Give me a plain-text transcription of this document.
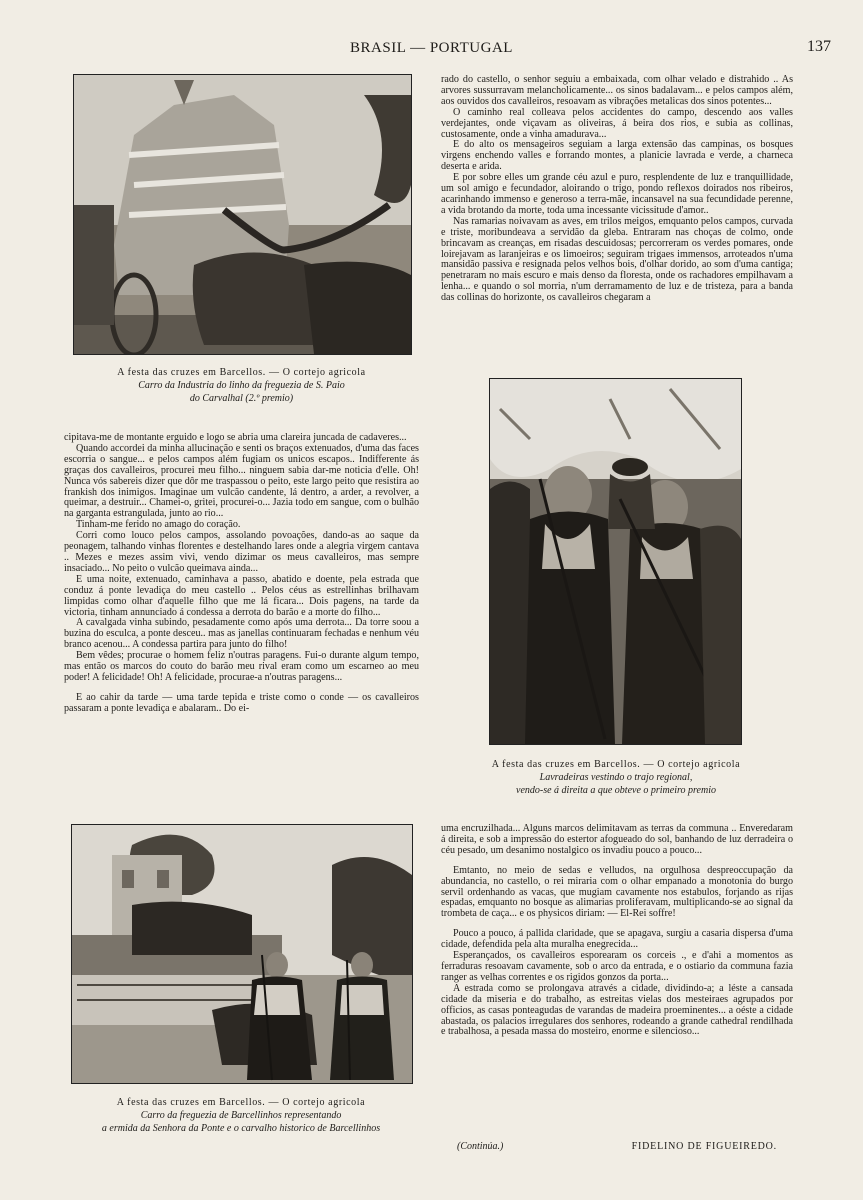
BRASIL — PORTUGAL	137
A festa das cruzes em Barcellos. — O cortejo agricola
Carro da Industria do linho da freguezia de S. Paio
do Carvalhal (2.º premio)

rado do castello, o senhor seguiu a embaixada, com olhar velado e distrahido .. As arvores sussurravam melancholicamente... os sinos badalavam... e pelos campos além, aos ouvidos dos cavalleiros, resoavam as vibrações metalicas dos sinos potentes...

O caminho real colleava pelos accidentes do campo, descendo aos valles verdejantes, onde viçavam as oliveiras, á beira dos rios, e subia as collinas, custosamente, onde a vinha amadurava...

E do alto os mensageiros seguiam a larga extensão das campinas, os bosques virgens enchendo valles e forrando montes, a planicie lavrada e verde, a charneca deserta e arida.

E por sobre elles um grande céu azul e puro, resplendente de luz e tranquillidade, um sol amigo e fecundador, aloirando o trigo, pondo reflexos doirados nos ribeiros, acarinhando immenso e generoso a terra-mãe, incansavel na sua fecundidade perenne, a vida brotando da morte, toda uma incessante vicissitude d'amor..

Nas ramarias noivavam as aves, em trilos meigos, emquanto pelos campos, curvada e triste, moribundeava a servidão da gleba. Entraram nas choças de colmo, onde brincavam as creanças, em risadas descuidosas; percorreram os verdes pomares, onde loirejavam as laranjeiras e os limoeiros; seguiram trigaes immensos, arroteados n'uma mansidão passiva e resignada pelos velhos bois, d'olhar dorido, ao som d'uma cantiga; penetraram no mais escuro e mais denso da floresta, onde os rachadores empilhavam a lenha... e quando o sol morria, n'um derramamento de luz e de tristeza, para a banda das collinas do horizonte, os cavalleiros chegaram a

A festa das cruzes em Barcellos. — O cortejo agricola
Lavradeiras vestindo o trajo regional,
vendo-se á direita a que obteve o primeiro premio

cipitava-me de montante erguido e logo se abria uma clareira juncada de cadaveres...

Quando accordei da minha allucinação e senti os braços extenuados, d'uma das faces escorria o sangue... e pelos campos além fugiam os unicos escapos.. Indifferente ás graças dos cavalleiros, procurei meu filho... ninguem sabia dar-me noticia d'elle. Oh! Nunca vós sabereis dizer que dôr me traspassou o peito, este largo peito que resistira ao frankish dos inimigos. Imaginae um vulcão candente, lá dentro, a arder, a revolver, a queimar, a destruir... Chamei-o, gritei, procurei-o... Jazia todo em sangue, com o bulhão na garganta estrangulada, junto ao rio...

Tinham-me ferido no amago do coração.

Corri como louco pelos campos, assolando povoações, dando-as ao saque da peonagem, talhando vinhas florentes e destelhando lares onde a alegria virgem cantava .. Mezes e mezes assim vivi, vendo dizimar os meus cavalleiros, mas sempre insaciado... No peito o vulcão queimava ainda...

E uma noite, extenuado, caminhava a passo, abatido e doente, pela estrada que conduz á ponte levadiça do meu castello .. Pelos céus as estrellinhas brilhavam limpidas como olhar d'aquelle filho que me lá ficara... Dois pagens, na tarde da victoria, tinham annunciado á condessa a derrota do barão e a morte do filho...

A cavalgada vinha subindo, pesadamente como após uma derrota... Da torre soou a buzina do esculca, a ponte desceu.. mas as janellas continuaram fechadas e nenhum véu branco acenou... A condessa partira para junto do filho!

Bem vêdes; procurae o homem feliz n'outras paragens. Fui-o durante algum tempo, mas então os marcos do couto do barão meu rival eram como um escarneo ao meu poder! A felicidade! Oh! A felicidade, procurae-a n'outras paragens...

E ao cahir da tarde — uma tarde tepida e triste como o conde — os cavalleiros passaram a ponte levadiça e abalaram.. Do ei-

A festa das cruzes em Barcellos. — O cortejo agricola
Carro da freguezia de Barcellinhos representando
a ermida da Senhora da Ponte e o carvalho historico de Barcellinhos

uma encruzilhada... Alguns marcos delimitavam as terras da communa .. Enveredaram á direita, e sob a impressão do estertor afogueado do sol, banhando de luz derradeira o céu pesado, um desanimo nostalgico os invadiu pouco a pouco...

Emtanto, no meio de sedas e velludos, na orgulhosa despreoccupação da abundancia, no castello, o rei miraria com o olhar empanado a monotonia do burgo servil ordenhando as vacas, que mugiam cavamente nos estabulos, forjando as rijas espadas, emquanto no bosque as alimarias proliferavam, multiplicando-se ao signal da trombeta de caça... e os physicos diriam: — El-Rei soffre!

Pouco a pouco, á pallida claridade, que se apagava, surgiu a casaria dispersa d'uma cidade, defendida pela alta muralha enegrecida...

Esperançados, os cavalleiros esporearam os corceis ., e d'ahi a momentos as ferraduras resoavam cavamente, sob o arco da entrada, e o ostiario da communa fazia ranger as velhas correntes e os rigidos gonzos da porta...

A estrada como se prolongava através a cidade, dividindo-a; a léste a cansada cidade da miseria e do trabalho, as estreitas vielas dos mesteiraes agrupados por officios, as casas ponteagudas de varandas de madeira proeminentes... a oéste a cidade abastada, os palacios irregulares dos senhores, rodeando a grande cathedral rendilhada e trabalhosa, a pesada massa do mosteiro, enorme e silencioso...

(Continúa.)	FIDELINO DE FIGUEIREDO.
